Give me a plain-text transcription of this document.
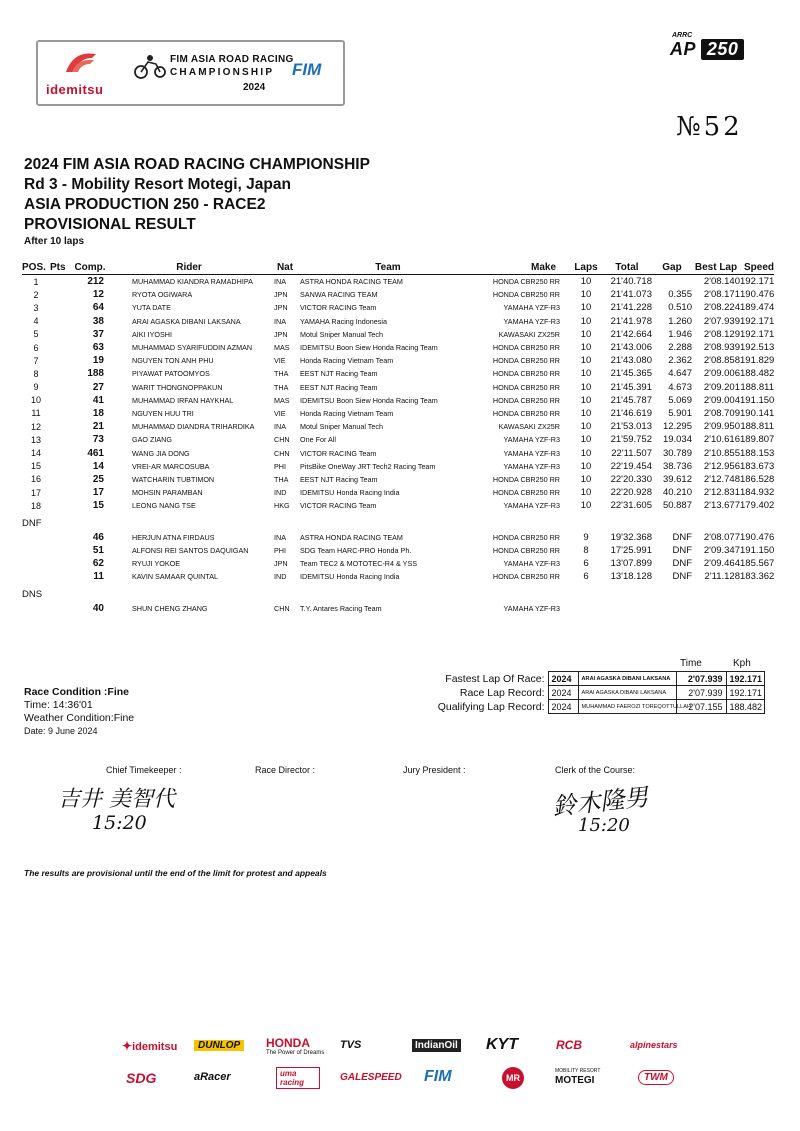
idemitsu
FIM ASIA ROAD RACING
CHAMPIONSHIP
2024
FIM
ARRC
AP 250
№52
2024 FIM ASIA ROAD RACING CHAMPIONSHIP
Rd 3 - Mobility Resort Motegi, Japan
ASIA PRODUCTION 250 - RACE2
PROVISIONAL RESULT
After 10 laps
POS.	Pts	Comp.	Rider	Nat	Team	Make	Laps	Total	Gap	Best Lap	Speed
1		212	MUHAMMAD KIANDRA RAMADHIPA	INA	ASTRA HONDA RACING TEAM	HONDA CBR250 RR	10	21'40.718		2'08.140	192.171
2		12	RYOTA OGIWARA	JPN	SANWA RACING TEAM	HONDA CBR250 RR	10	21'41.073	0.355	2'08.171	190.476
3		64	YUTA DATE	JPN	VICTOR RACING Team	YAMAHA YZF-R3	10	21'41.228	0.510	2'08.224	189.474
4		38	ARAI AGASKA DIBANI LAKSANA	INA	YAMAHA Racing Indonesia	YAMAHA YZF-R3	10	21'41.978	1.260	2'07.939	192.171
5		37	AIKI IYOSHI	JPN	Motul Sniper Manual Tech	KAWASAKI ZX25R	10	21'42.664	1.946	2'08.129	192.171
6		63	MUHAMMAD SYARIFUDDIN AZMAN	MAS	IDEMITSU Boon Siew Honda Racing Team	HONDA CBR250 RR	10	21'43.006	2.288	2'08.939	192.513
7		19	NGUYEN TON ANH PHU	VIE	Honda Racing Vietnam Team	HONDA CBR250 RR	10	21'43.080	2.362	2'08.858	191.829
8		188	PIYAWAT PATOOMYOS	THA	EEST NJT Racing Team	HONDA CBR250 RR	10	21'45.365	4.647	2'09.006	188.482
9		27	WARIT THONGNOPPAKUN	THA	EEST NJT Racing Team	HONDA CBR250 RR	10	21'45.391	4.673	2'09.201	188.811
10		41	MUHAMMAD IRFAN HAYKHAL	MAS	IDEMITSU Boon Siew Honda Racing Team	HONDA CBR250 RR	10	21'45.787	5.069	2'09.004	191.150
11		18	NGUYEN HUU TRI	VIE	Honda Racing Vietnam Team	HONDA CBR250 RR	10	21'46.619	5.901	2'08.709	190.141
12		21	MUHAMMAD DIANDRA TRIHARDIKA	INA	Motul Sniper Manual Tech	KAWASAKI ZX25R	10	21'53.013	12.295	2'09.950	188.811
13		73	GAO ZIANG	CHN	One For All	YAMAHA YZF-R3	10	21'59.752	19.034	2'10.616	189.807
14		461	WANG JIA DONG	CHN	VICTOR RACING Team	YAMAHA YZF-R3	10	22'11.507	30.789	2'10.855	188.153
15		14	VREI-AR MARCOSUBA	PHI	PitsBike OneWay JRT Tech2 Racing Team	YAMAHA YZF-R3	10	22'19.454	38.736	2'12.956	183.673
16		25	WATCHARIN TUBTIMON	THA	EEST NJT Racing Team	HONDA CBR250 RR	10	22'20.330	39.612	2'12.748	186.528
17		17	MOHSIN PARAMBAN	IND	IDEMITSU Honda Racing India	HONDA CBR250 RR	10	22'20.928	40.210	2'12.831	184.932
18		15	LEONG NANG TSE	HKG	VICTOR RACING Team	YAMAHA YZF-R3	10	22'31.605	50.887	2'13.677	179.402

DNF											
		46	HERJUN ATNA FIRDAUS	INA	ASTRA HONDA RACING TEAM	HONDA CBR250 RR	9	19'32.368	DNF	2'08.077	190.476
		51	ALFONSI REI SANTOS DAQUIGAN	PHI	SDG Team HARC-PRO Honda Ph.	HONDA CBR250 RR	8	17'25.991	DNF	2'09.347	191.150
		62	RYUJI YOKOE	JPN	Team TEC2 & MOTOTEC-R4 & YSS	YAMAHA YZF-R3	6	13'07.899	DNF	2'09.464	185.567
		11	KAVIN SAMAAR QUINTAL	IND	IDEMITSU Honda Racing India	HONDA CBR250 RR	6	13'18.128	DNF	2'11.128	183.362

DNS											
		40	SHUN CHENG ZHANG	CHN	T.Y. Antares Racing Team	YAMAHA YZF-R3					
Time	Kph
Fastest Lap Of Race:	2024	ARAI AGASKA DIBANI LAKSANA	2'07.939	192.171
Race Lap Record:	2024	ARAI AGASKA DIBANI LAKSANA	2'07.939	192.171
Qualifying Lap Record:	2024	MUHAMMAD FAEROZI TOREQOTTULLAH	2'07.155	188.482
Race Condition :Fine
Time: 14:36'01
Weather Condition:Fine
Date: 9 June 2024
Chief Timekeeper :	Race Director :	Jury President :	Clerk of the Course:
吉井 美智代
15:20
鈴木隆男
15:20
The results are provisional until the end of the limit for protest and appeals
✦idemitsu	DUNLOP	HONDA
The Power of Dreams
TVS	IndianOil KYT	RCB	alpinestars
SDG	aRacer	uma racing	GALESPEED FIM	MR
MOBILITY RESORT
MOTEGI	TWM
